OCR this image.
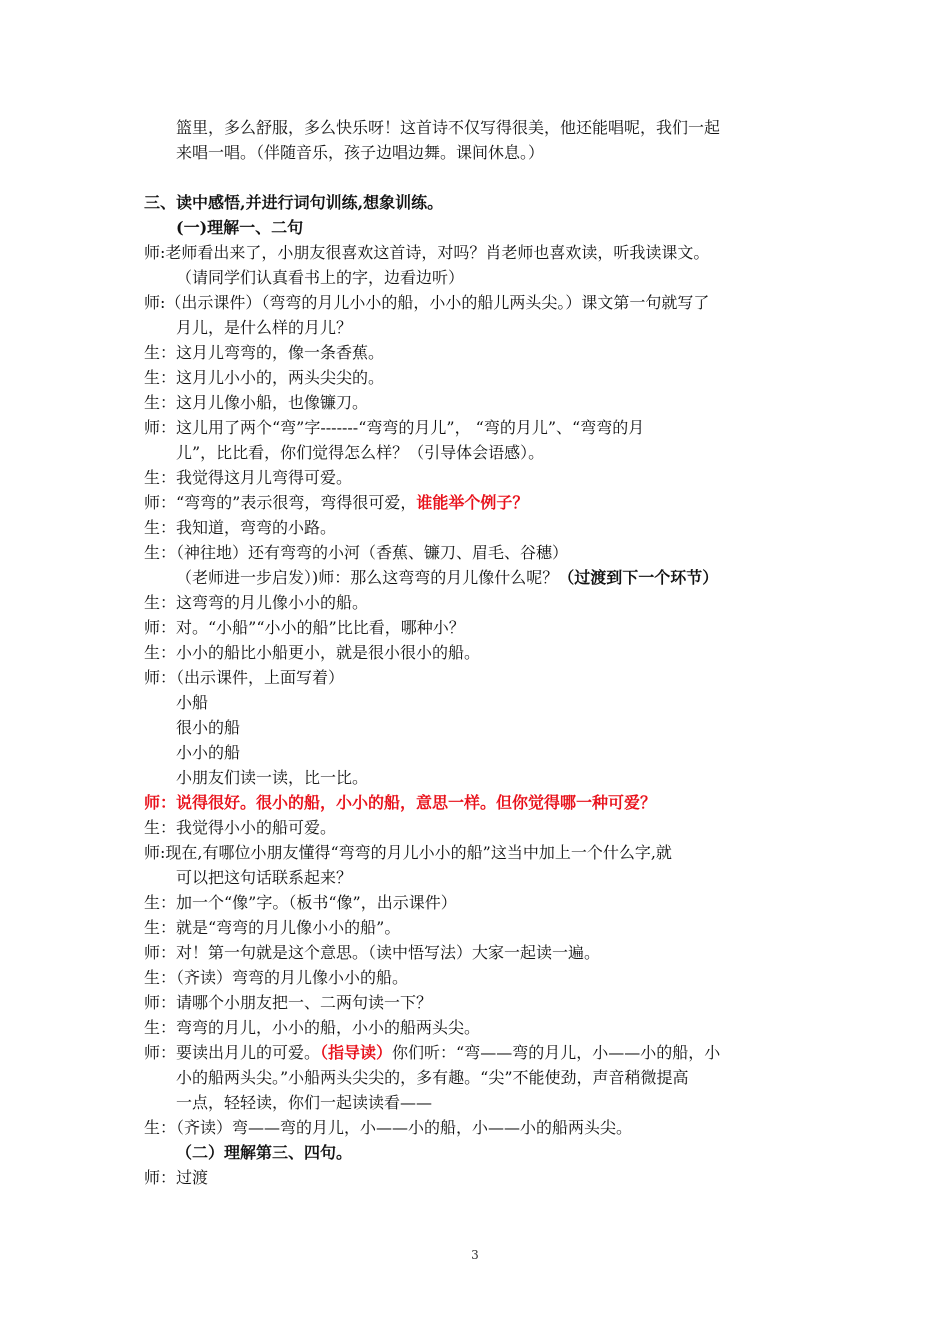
篮里，多么舒服，多么快乐呀！这首诗不仅写得很美，他还能唱呢，我们一起
来唱一唱。（伴随音乐，孩子边唱边舞。课间休息。）
三、读中感悟,并进行词句训练,想象训练。
(一)理解一、二句
师:老师看出来了，小朋友很喜欢这首诗，对吗？肖老师也喜欢读，听我读课文。
（请同学们认真看书上的字，边看边听）
师:（出示课件）（弯弯的月儿小小的船，小小的船儿两头尖。）课文第一句就写了
月儿，是什么样的月儿？
生：这月儿弯弯的，像一条香蕉。
生：这月儿小小的，两头尖尖的。
生：这月儿像小船，也像镰刀。
师：这儿用了两个“弯”字-------“弯弯的月儿”， “弯的月儿”、“弯弯的月
儿”，比比看，你们觉得怎么样？（引导体会语感）。
生：我觉得这月儿弯得可爱。
师：“弯弯的”表示很弯，弯得很可爱，谁能举个例子？
生：我知道，弯弯的小路。
生：（神往地）还有弯弯的小河（香蕉、镰刀、眉毛、谷穗）
（老师进一步启发）)师：那么这弯弯的月儿像什么呢？（过渡到下一个环节）
生：这弯弯的月儿像小小的船。
师：对。“小船”“小小的船”比比看，哪种小？
生：小小的船比小船更小，就是很小很小的船。
师：（出示课件，上面写着）
小船
很小的船
小小的船
小朋友们读一读，比一比。
师：说得很好。很小的船，小小的船，意思一样。但你觉得哪一种可爱？
生：我觉得小小的船可爱。
师:现在,有哪位小朋友懂得“弯弯的月儿小小的船”这当中加上一个什么字,就
可以把这句话联系起来？
生：加一个“像”字。（板书“像”，出示课件）
生：就是“弯弯的月儿像小小的船”。
师：对！第一句就是这个意思。（读中悟写法）大家一起读一遍。
生：（齐读）弯弯的月儿像小小的船。
师：请哪个小朋友把一、二两句读一下？
生：弯弯的月儿，小小的船，小小的船两头尖。
师：要读出月儿的可爱。（指导读）你们听：“弯——弯的月儿，小——小的船，小
小的船两头尖。”小船两头尖尖的，多有趣。“尖”不能使劲，声音稍微提高
一点，轻轻读，你们一起读读看——
生：（齐读）弯——弯的月儿，小——小的船，小——小的船两头尖。
（二）理解第三、四句。
师：过渡
3
